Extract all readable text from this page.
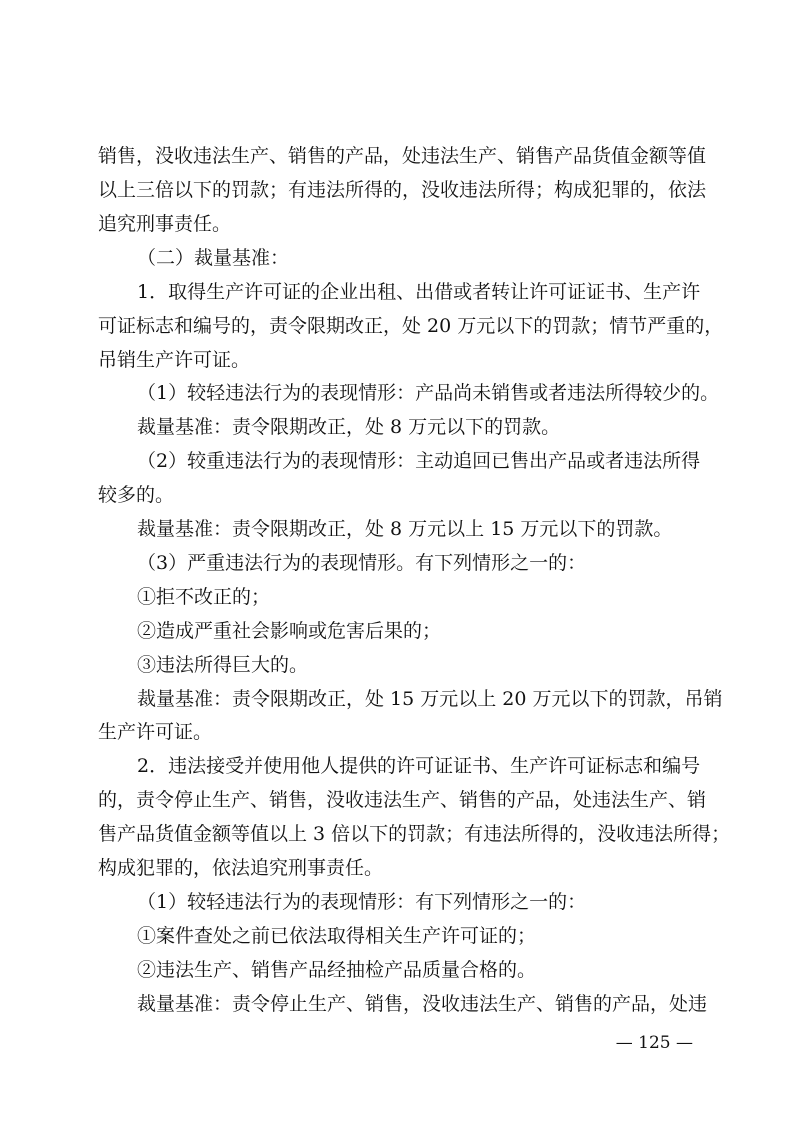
销售，没收违法生产、销售的产品，处违法生产、销售产品货值金额等值
以上三倍以下的罚款；有违法所得的，没收违法所得；构成犯罪的，依法
追究刑事责任。
（二）裁量基准：
1．取得生产许可证的企业出租、出借或者转让许可证证书、生产许
可证标志和编号的，责令限期改正，处 20 万元以下的罚款；情节严重的，
吊销生产许可证。
（1）较轻违法行为的表现情形：产品尚未销售或者违法所得较少的。
裁量基准：责令限期改正，处 8 万元以下的罚款。
（2）较重违法行为的表现情形：主动追回已售出产品或者违法所得
较多的。
裁量基准：责令限期改正，处 8 万元以上 15 万元以下的罚款。
（3）严重违法行为的表现情形。有下列情形之一的：
①拒不改正的；
②造成严重社会影响或危害后果的；
③违法所得巨大的。
裁量基准：责令限期改正，处 15 万元以上 20 万元以下的罚款，吊销
生产许可证。
2．违法接受并使用他人提供的许可证证书、生产许可证标志和编号
的，责令停止生产、销售，没收违法生产、销售的产品，处违法生产、销
售产品货值金额等值以上 3 倍以下的罚款；有违法所得的，没收违法所得；
构成犯罪的，依法追究刑事责任。
（1）较轻违法行为的表现情形：有下列情形之一的：
①案件查处之前已依法取得相关生产许可证的；
②违法生产、销售产品经抽检产品质量合格的。
裁量基准：责令停止生产、销售，没收违法生产、销售的产品，处违
— 125 —
